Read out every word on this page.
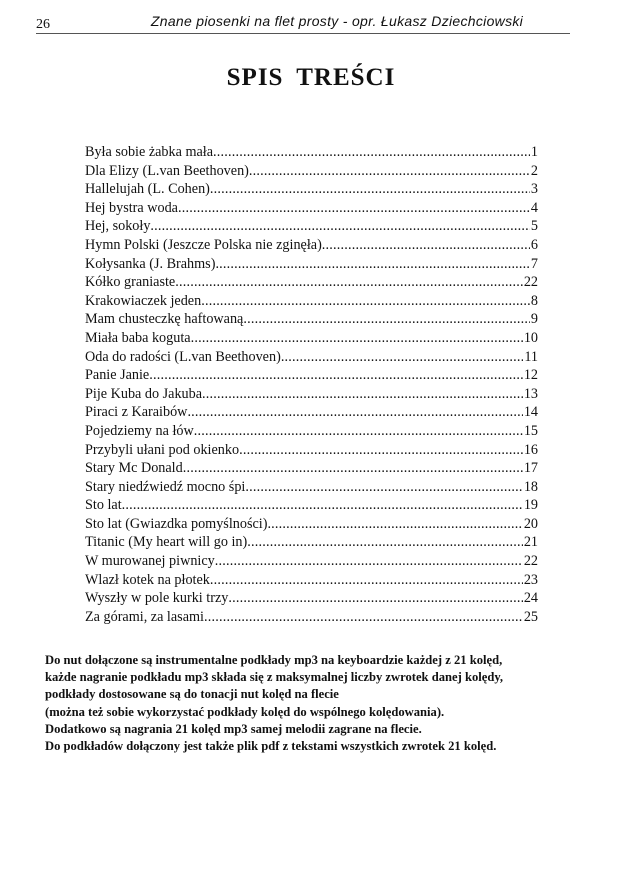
26	Znane piosenki na flet prosty - opr. Łukasz Dziechciowski
SPIS TREŚCI
Była sobie żabka mała .....	1
Dla Elizy (L.van Beethoven) .....	2
Hallelujah (L. Cohen) .....	3
Hej bystra woda .....	4
Hej, sokoły .....	5
Hymn Polski (Jeszcze Polska nie zginęła) .....	6
Kołysanka (J. Brahms) .....	7
Kółko graniaste .....	22
Krakowiaczek jeden .....	8
Mam chusteczkę haftowaną .....	9
Miała baba koguta .....	10
Oda do radości (L.van Beethoven) .....	11
Panie Janie .....	12
Pije Kuba do Jakuba .....	13
Piraci z Karaibów .....	14
Pojedziemy na łów .....	15
Przybyli ułani pod okienko .....	16
Stary Mc Donald .....	17
Stary niedźwiedź mocno śpi .....	18
Sto lat .....	19
Sto lat (Gwiazdka pomyślności) .....	20
Titanic (My heart will go in) .....	21
W murowanej piwnicy .....	22
Wlazł kotek na płotek .....	23
Wyszły w pole kurki trzy .....	24
Za górami, za lasami .....	25
Do nut dołączone są instrumentalne podkłady mp3 na keyboardzie każdej z 21 kolęd,
każde nagranie podkładu mp3 składa się z maksymalnej liczby zwrotek danej kolędy,
podkłady dostosowane są do tonacji nut kolęd na flecie
(można też sobie wykorzystać podkłady kolęd do wspólnego kolędowania).
Dodatkowo są nagrania 21 kolęd mp3 samej melodii zagrane na flecie.
Do podkładów dołączony jest także plik pdf z tekstami wszystkich zwrotek 21 kolęd.
